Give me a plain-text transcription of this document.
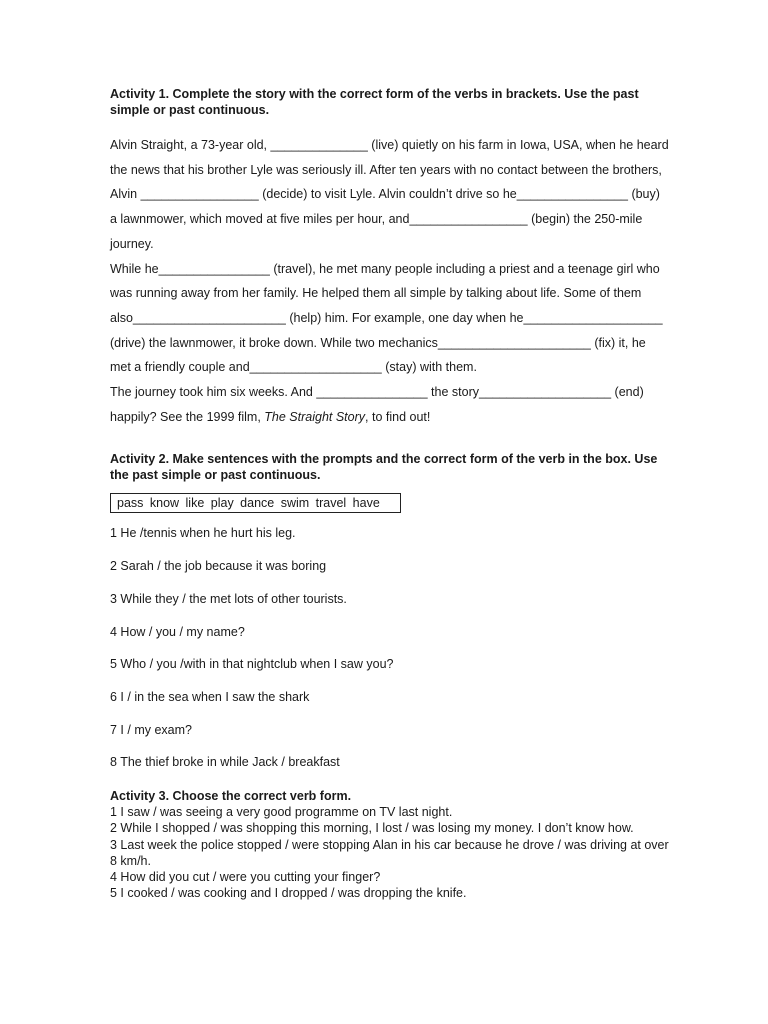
Activity 1. Complete the story with the correct form of the verbs in brackets. Use the past simple or past continuous.

Alvin Straight, a 73-year old, ______________ (live) quietly on his farm in Iowa, USA, when he heard the news that his brother Lyle was seriously ill. After ten years with no contact between the brothers, Alvin _________________ (decide) to visit Lyle. Alvin couldn’t drive so he________________ (buy) a lawnmower, which moved at five miles per hour, and_________________ (begin) the 250-mile journey.

While he________________ (travel), he met many people including a priest and a teenage girl who was running away from her family. He helped them all simple by talking about life. Some of them also______________________ (help) him. For example, one day when he____________________ (drive) the lawnmower, it broke down. While two mechanics______________________ (fix) it, he met a friendly couple and___________________ (stay) with them.

The journey took him six weeks. And ________________ the story___________________ (end) happily? See the 1999 film, The Straight Story, to find out!

Activity 2. Make sentences with the prompts and the correct form of the verb in the box. Use the past simple or past continuous.

pass know like play dance swim travel have
1 He /tennis when he hurt his leg.
2 Sarah / the job because it was boring
3 While they / the met lots of other tourists.
4 How / you / my name?
5 Who / you /with in that nightclub when I saw you?
6 I / in the sea when I saw the shark
7 I / my exam?
8 The thief broke in while Jack / breakfast

Activity 3. Choose the correct verb form.

1 I saw / was seeing a very good programme on TV last night.
2 While I shopped / was shopping this morning, I lost / was losing my money. I don’t know how.
3 Last week the police stopped / were stopping Alan in his car because he drove / was driving at over 8 km/h.
4 How did you cut / were you cutting your finger?
5 I cooked / was cooking and I dropped / was dropping the knife.
